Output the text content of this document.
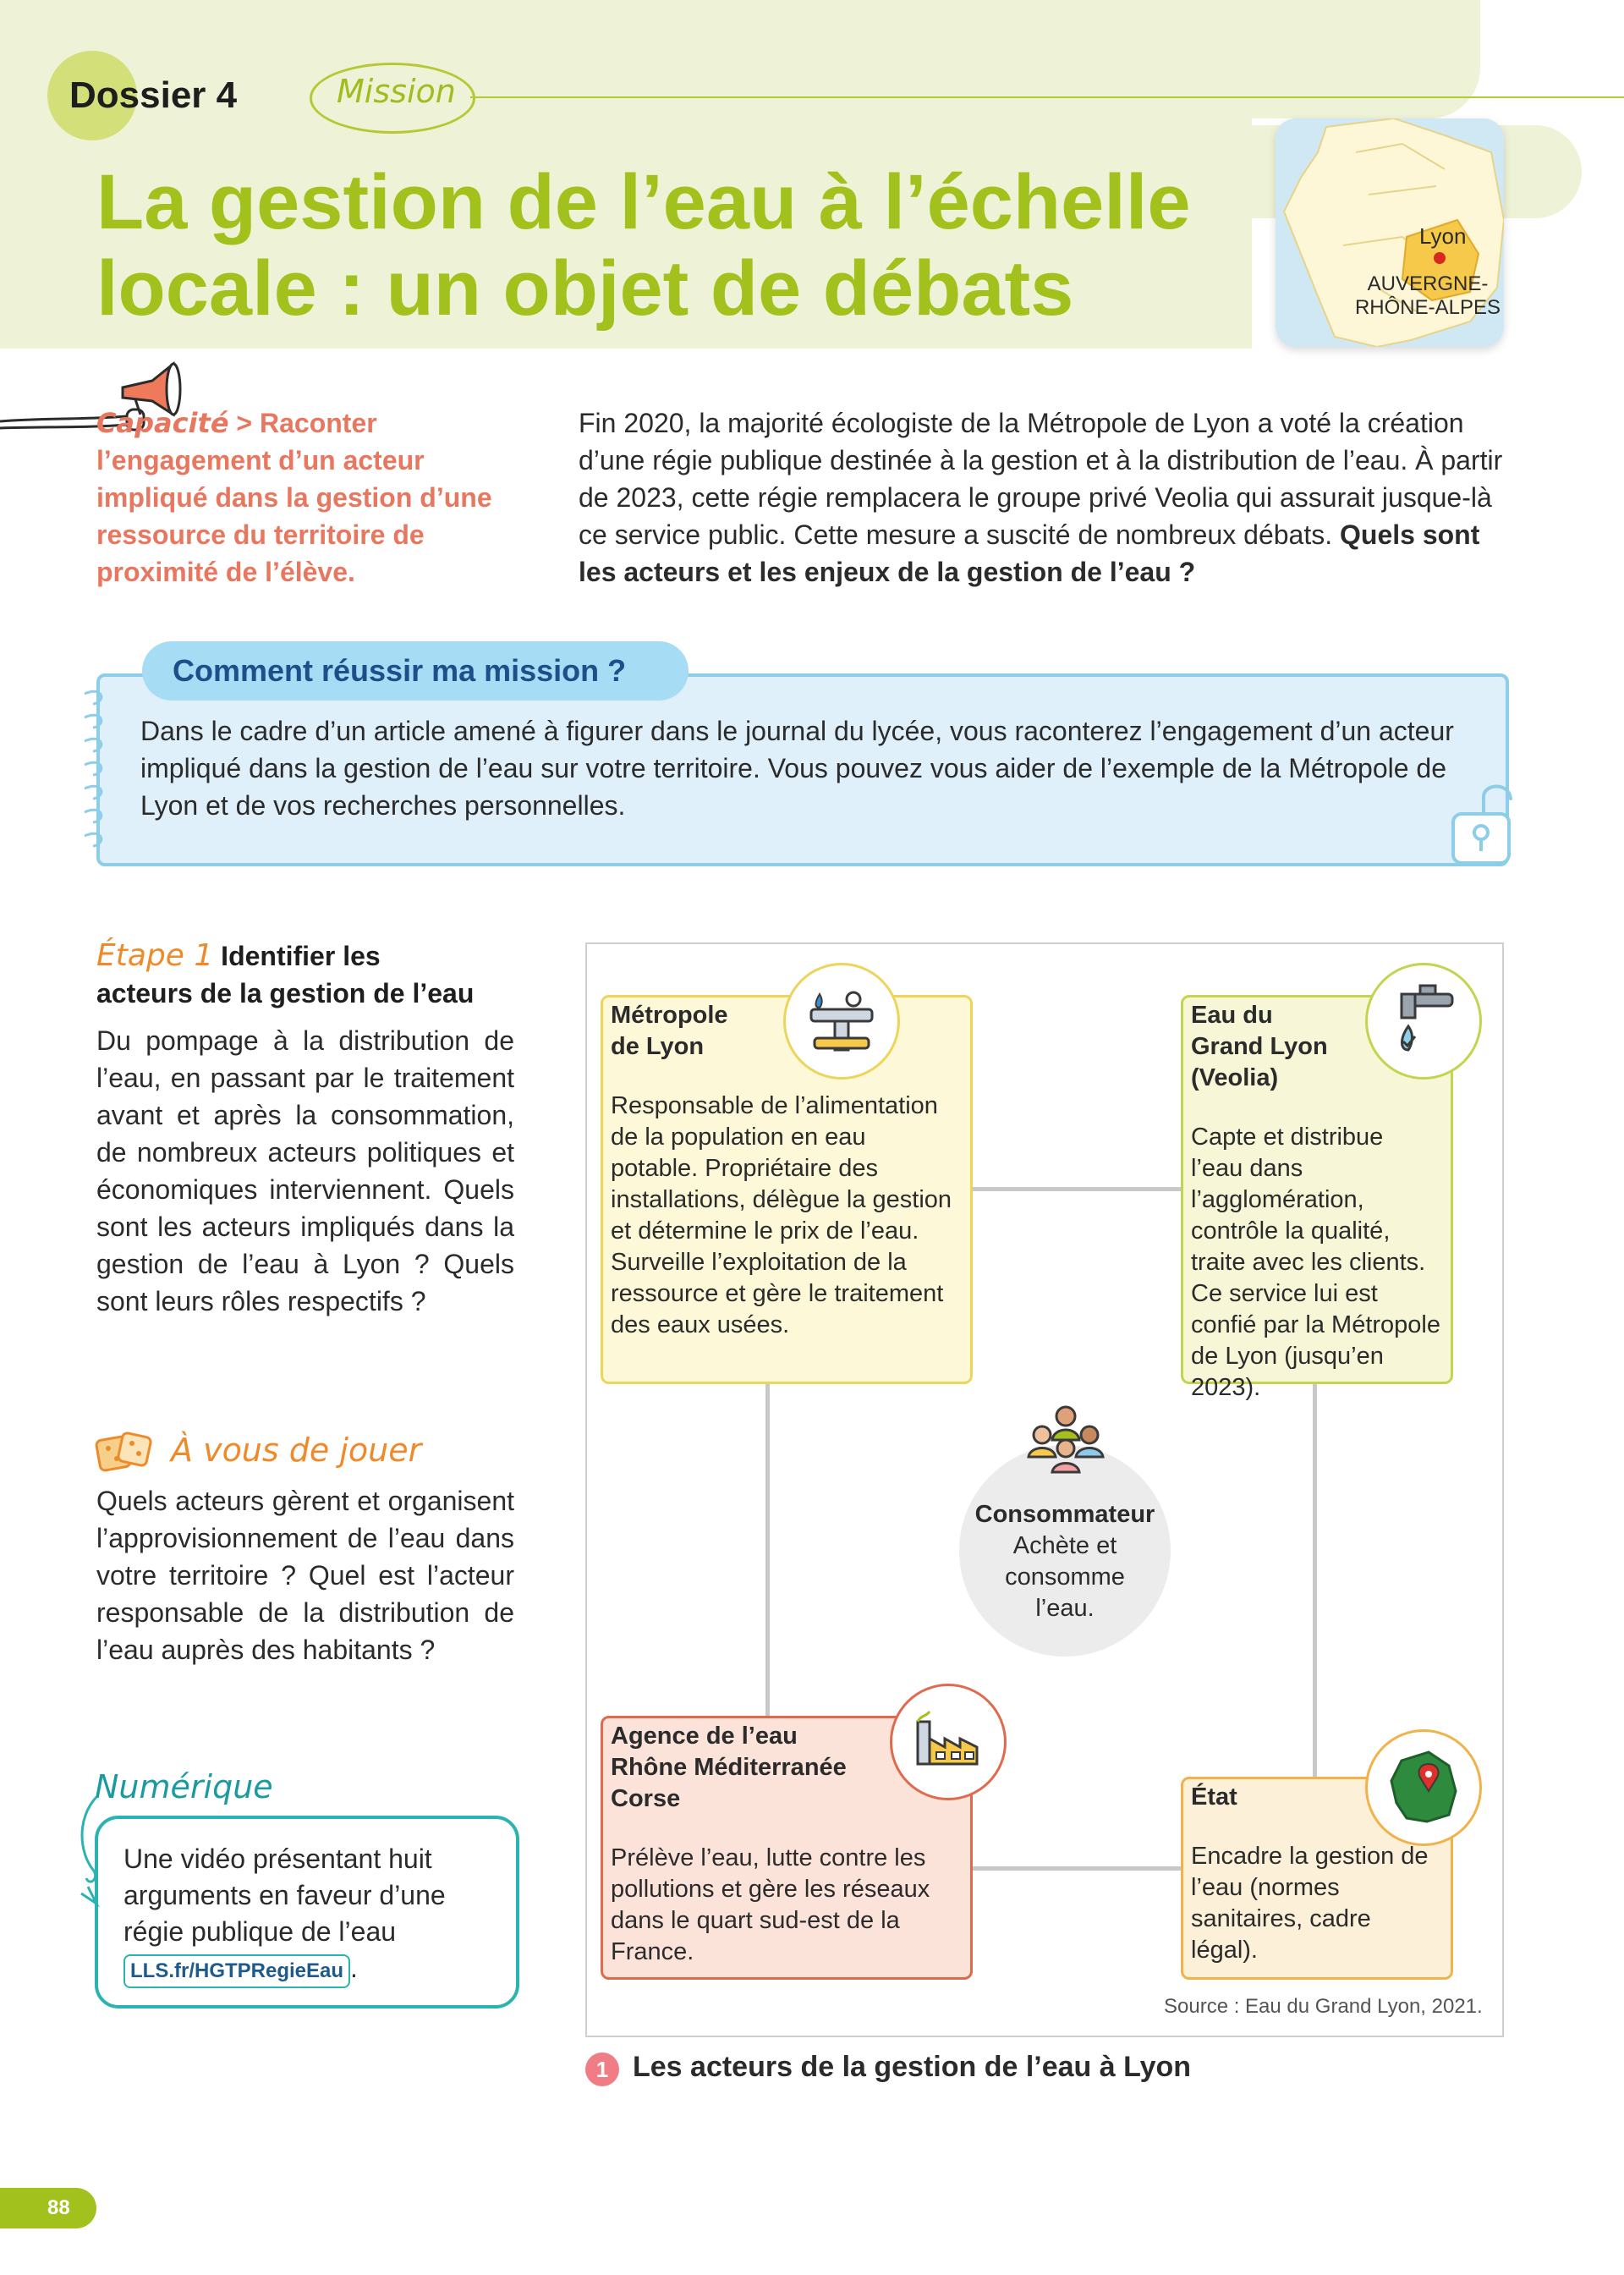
Dossier 4	Mission
La gestion de l’eau à l’échelle
locale : un objet de débats
Lyon
AUVERGNE-
RHÔNE-ALPES
Capacité > Raconter l’engagement d’un acteur impliqué dans la gestion d’une ressource du territoire de proximité de l’élève.
Fin 2020, la majorité écologiste de la Métropole de Lyon a voté la création d’une régie publique destinée à la gestion et à la distribution de l’eau. À partir de 2023, cette régie remplacera le groupe privé Veolia qui assurait jusque-là ce service public. Cette mesure a suscité de nombreux débats. Quels sont les acteurs et les enjeux de la gestion de l’eau ?
Comment réussir ma mission ?
Dans le cadre d’un article amené à figurer dans le journal du lycée, vous raconterez l’engagement d’un acteur impliqué dans la gestion de l’eau sur votre territoire. Vous pouvez vous aider de l’exemple de la Métropole de Lyon et de vos recherches personnelles.
Étape 1 Identifier les
acteurs de la gestion de l’eau
Du pompage à la distribution de l’eau, en passant par le traitement avant et après la consommation, de nombreux acteurs politiques et économiques interviennent. Quels sont les acteurs impliqués dans la gestion de l’eau à Lyon ? Quels sont leurs rôles respectifs ?
À vous de jouer
Quels acteurs gèrent et organisent l’approvisionnement de l’eau dans votre territoire ? Quel est l’acteur responsable de la distribution de l’eau auprès des habitants ?
Numérique
Une vidéo présentant huit arguments en faveur d’une régie publique de l’eau LLS.fr/HGTPRegieEau .
Métropole
de Lyon
Responsable de l’alimentation de la population en eau potable. Propriétaire des installations, délègue la gestion et détermine le prix de l’eau. Surveille l’exploitation de la ressource et gère le traitement des eaux usées.
Eau du
Grand Lyon
(Veolia)
Capte et distribue l’eau dans l’agglomération, contrôle la qualité, traite avec les clients. Ce service lui est confié par la Métropole de Lyon (jusqu’en 2023).
Consommateur
Achète et
consomme
l’eau.
Agence de l’eau
Rhône Méditerranée
Corse
Prélève l’eau, lutte contre les pollutions et gère les réseaux dans le quart sud-est de la France.
État
Encadre la gestion de l’eau (normes sanitaires, cadre légal).
Source : Eau du Grand Lyon, 2021.
1 Les acteurs de la gestion de l’eau à Lyon
88
